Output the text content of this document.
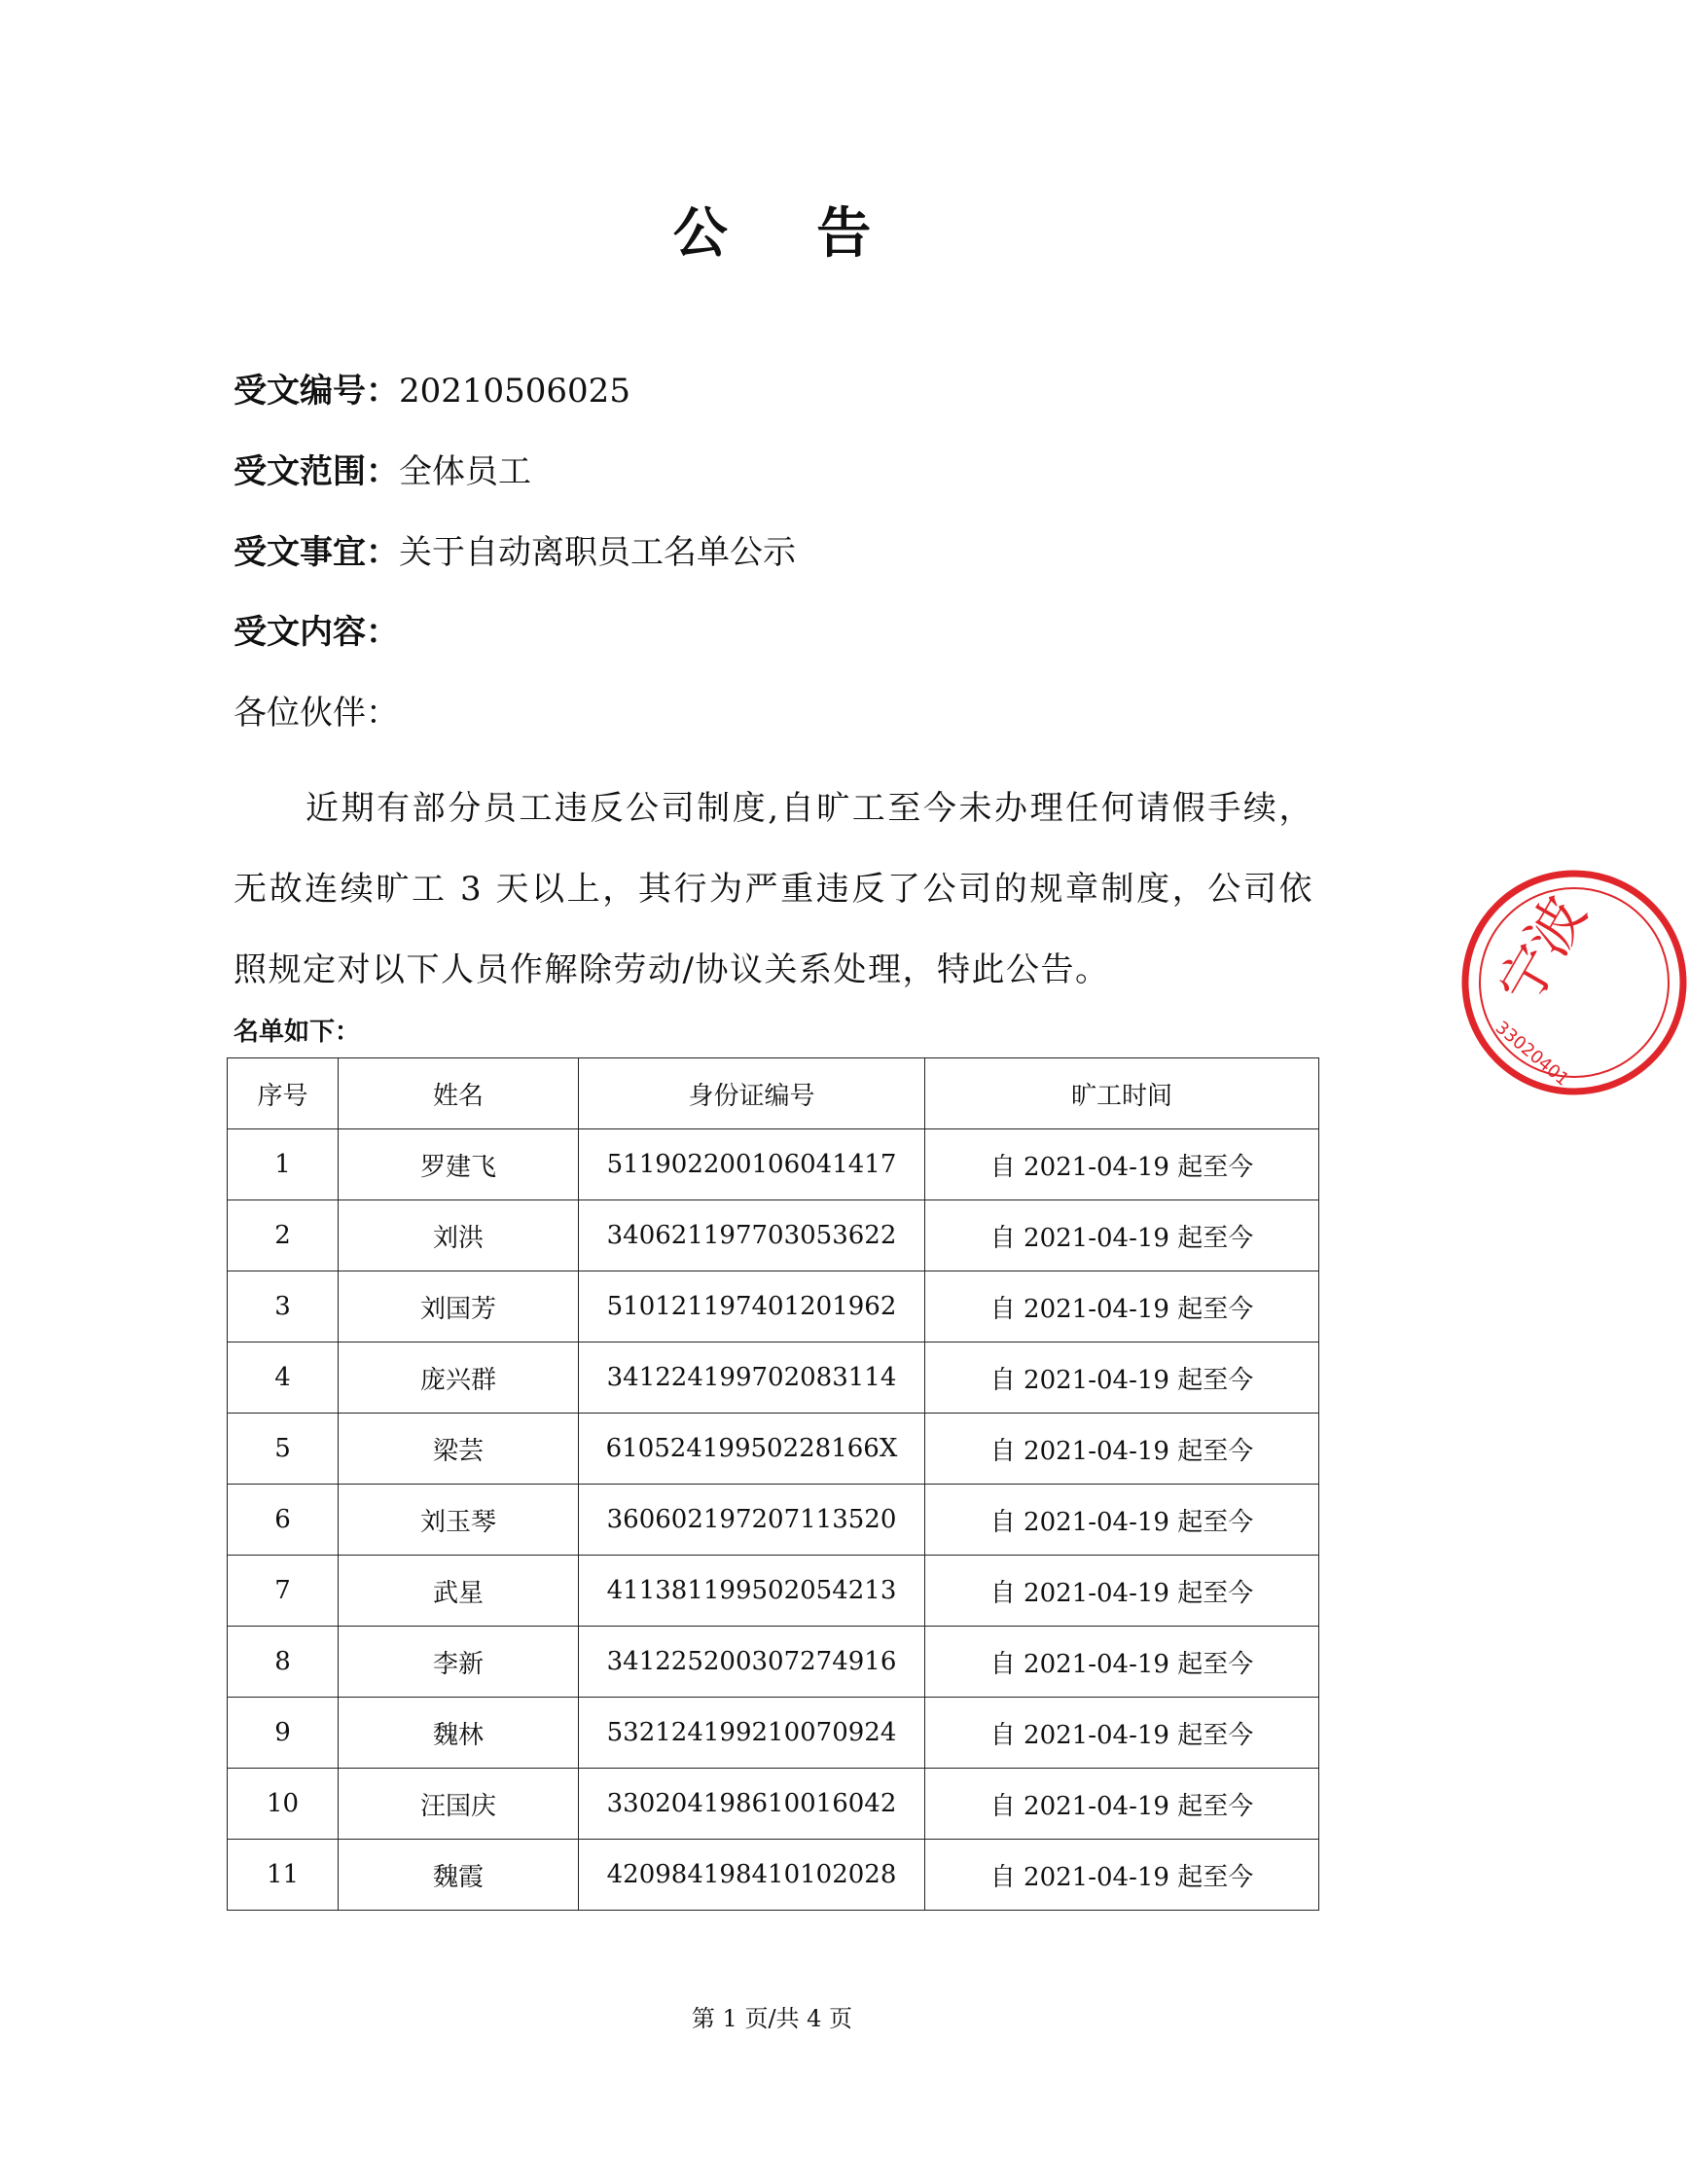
公 告
受文编号：20210506025
受文范围：全体员工
受文事宜：关于自动离职员工名单公示
受文内容：
各位伙伴：
近期有部分员工违反公司制度,自旷工至今未办理任何请假手续，无故连续旷工 3 天以上，其行为严重违反了公司的规章制度，公司依照规定对以下人员作解除劳动/协议关系处理，特此公告。
名单如下：
序号	姓名	身份证编号	旷工时间
1	罗建飞	511902200106041417	自 2021-04-19 起至今
2	刘洪	340621197703053622	自 2021-04-19 起至今
3	刘国芳	510121197401201962	自 2021-04-19 起至今
4	庞兴群	341224199702083114	自 2021-04-19 起至今
5	梁芸	61052419950228166X	自 2021-04-19 起至今
6	刘玉琴	360602197207113520	自 2021-04-19 起至今
7	武星	411381199502054213	自 2021-04-19 起至今
8	李新	341225200307274916	自 2021-04-19 起至今
9	魏林	532124199210070924	自 2021-04-19 起至今
10	汪国庆	330204198610016042	自 2021-04-19 起至今
11	魏霞	420984198410102028	自 2021-04-19 起至今
第 1 页/共 4 页
宁波
33020401
